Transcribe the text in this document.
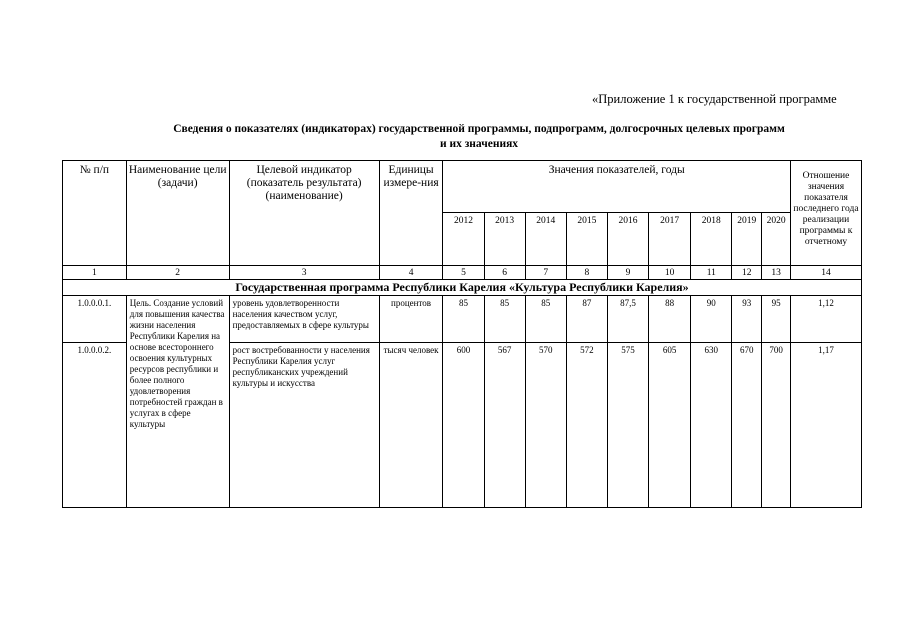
«Приложение 1 к государственной программе
Сведения о показателях (индикаторах) государственной программы, подпрограмм, долгосрочных целевых программ
и их значениях
№ п/п	Наименование цели (задачи)	Целевой индикатор (показатель результата) (наименование)	Единицы измере-ния	Значения показателей, годы									Отношение значения показателя последнего года реализации программы к отчетному
				2012	2013	2014	2015	2016	2017	2018	2019	2020	
1	2	3	4	5	6	7	8	9	10	11	12	13	14
Государственная программа Республики Карелия «Культура Республики Карелия»													
1.0.0.0.1.	Цель. Создание условий для повышения качества жизни населения Республики Карелия на основе всестороннего освоения культурных ресурсов республики и более полного удовлетворения потребностей граждан в услугах в сфере культуры	уровень удовлетворенности населения качеством услуг, предоставляемых в сфере культуры	процентов	85	85	85	87	87,5	88	90	93	95	1,12
1.0.0.0.2.		рост востребованности у населения Республики Карелия услуг республиканских учреждений культуры и искусства	тысяч человек	600	567	570	572	575	605	630	670	700	1,17
